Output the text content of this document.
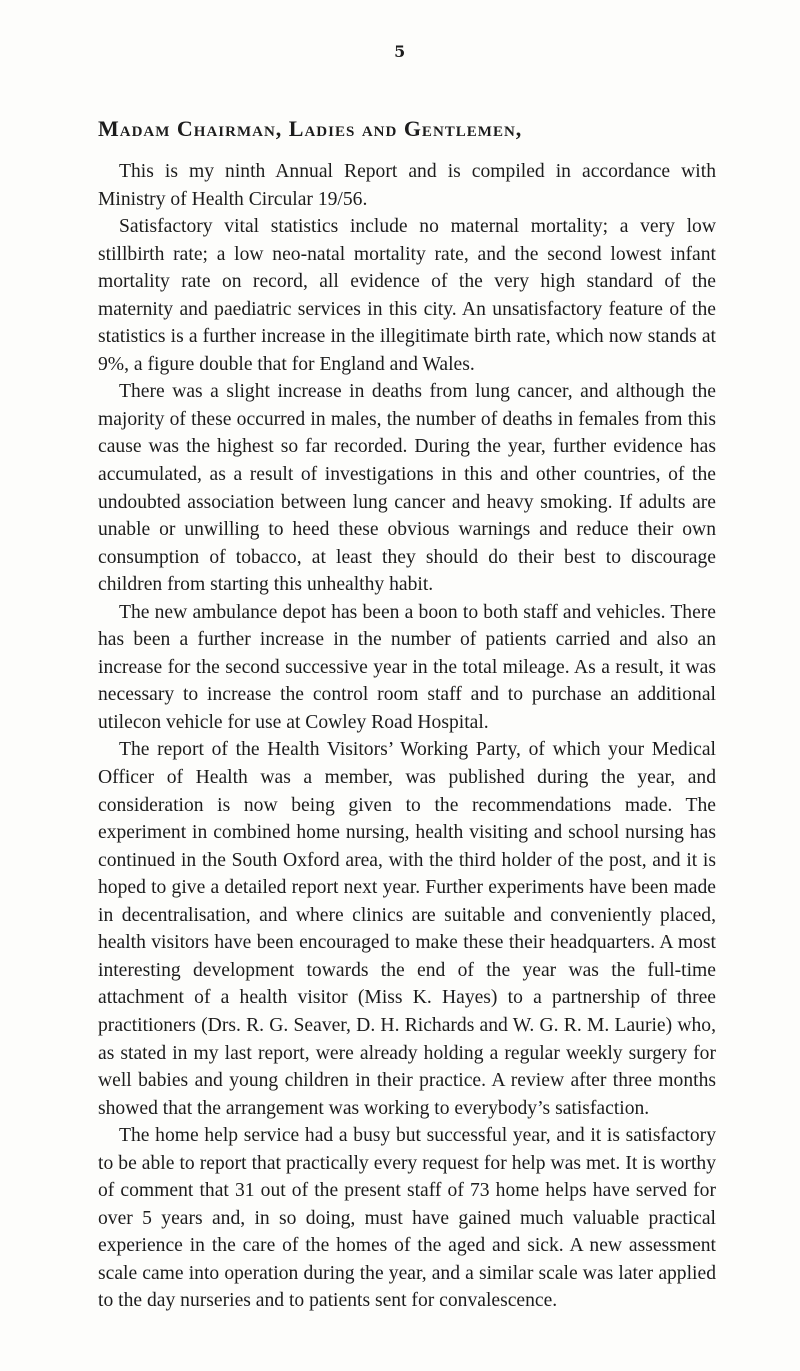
5
Madam Chairman, Ladies and Gentlemen,

This is my ninth Annual Report and is compiled in accordance with Ministry of Health Circular 19/56.

Satisfactory vital statistics include no maternal mortality; a very low stillbirth rate; a low neo-natal mortality rate, and the second lowest infant mortality rate on record, all evidence of the very high standard of the maternity and paediatric services in this city. An unsatisfactory feature of the statistics is a further increase in the illegitimate birth rate, which now stands at 9%, a figure double that for England and Wales.

There was a slight increase in deaths from lung cancer, and although the majority of these occurred in males, the number of deaths in females from this cause was the highest so far recorded. During the year, further evidence has accumulated, as a result of investigations in this and other countries, of the undoubted association between lung cancer and heavy smoking. If adults are unable or unwilling to heed these obvious warnings and reduce their own consumption of tobacco, at least they should do their best to discourage children from starting this unhealthy habit.

The new ambulance depot has been a boon to both staff and vehicles. There has been a further increase in the number of patients carried and also an increase for the second successive year in the total mileage. As a result, it was necessary to increase the control room staff and to purchase an additional utilecon vehicle for use at Cowley Road Hospital.

The report of the Health Visitors’ Working Party, of which your Medical Officer of Health was a member, was published during the year, and consideration is now being given to the recommendations made. The experiment in combined home nursing, health visiting and school nursing has continued in the South Oxford area, with the third holder of the post, and it is hoped to give a detailed report next year. Further experiments have been made in decentralisation, and where clinics are suitable and conveniently placed, health visitors have been encouraged to make these their headquarters. A most interesting development towards the end of the year was the full-time attachment of a health visitor (Miss K. Hayes) to a partnership of three practitioners (Drs. R. G. Seaver, D. H. Richards and W. G. R. M. Laurie) who, as stated in my last report, were already holding a regular weekly surgery for well babies and young children in their practice. A review after three months showed that the arrangement was working to everybody’s satisfaction.

The home help service had a busy but successful year, and it is satisfactory to be able to report that practically every request for help was met. It is worthy of comment that 31 out of the present staff of 73 home helps have served for over 5 years and, in so doing, must have gained much valuable practical experience in the care of the homes of the aged and sick. A new assessment scale came into operation during the year, and a similar scale was later applied to the day nurseries and to patients sent for convalescence.
